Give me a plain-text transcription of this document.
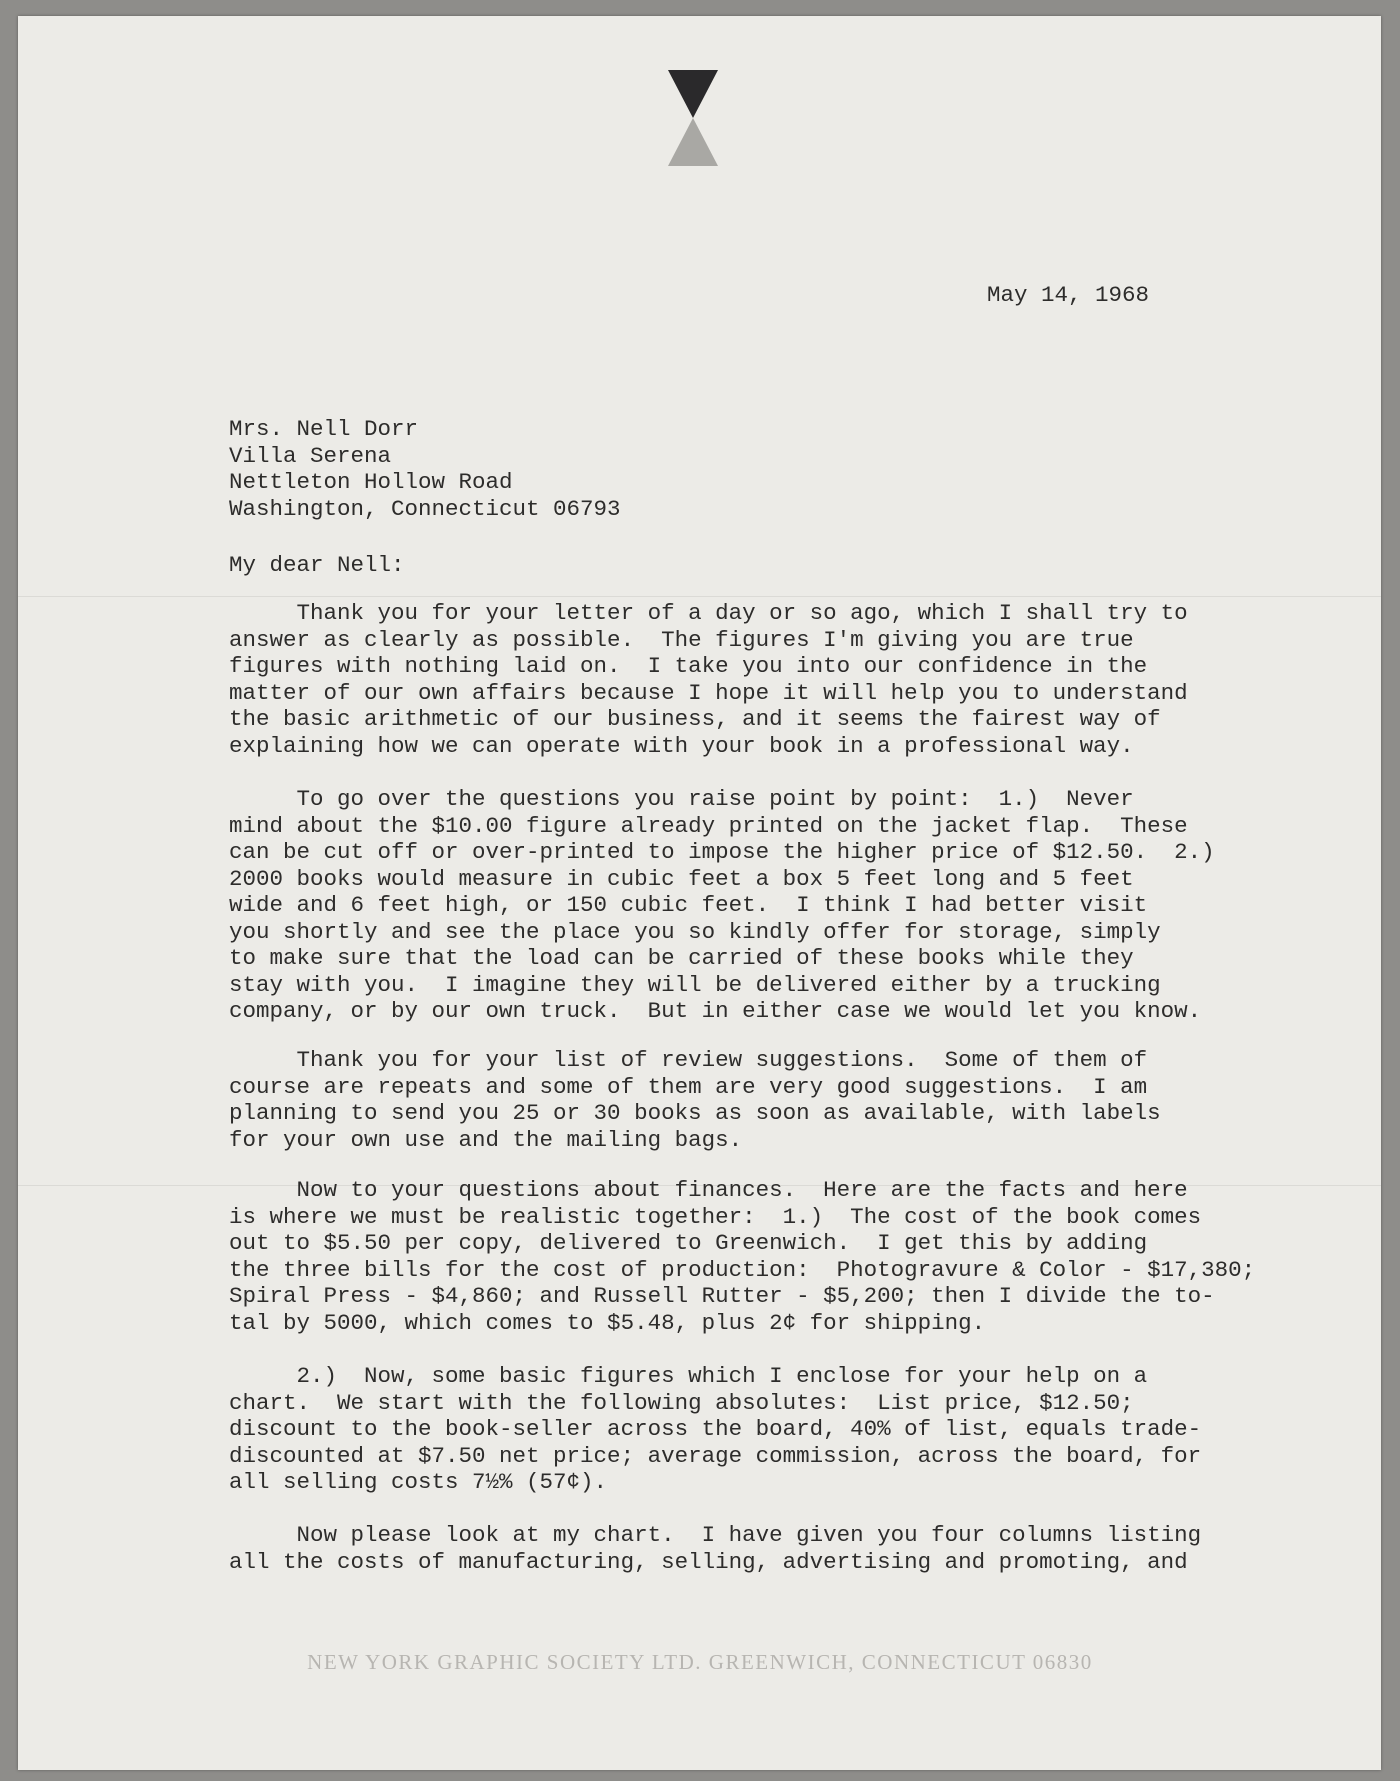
May 14, 1968

Mrs. Nell Dorr
Villa Serena
Nettleton Hollow Road
Washington, Connecticut 06793

My dear Nell:

Thank you for your letter of a day or so ago, which I shall try to
answer as clearly as possible.  The figures I'm giving you are true
figures with nothing laid on.  I take you into our confidence in the
matter of our own affairs because I hope it will help you to understand
the basic arithmetic of our business, and it seems the fairest way of
explaining how we can operate with your book in a professional way.

To go over the questions you raise point by point:  1.)  Never
mind about the $10.00 figure already printed on the jacket flap.  These
can be cut off or over-printed to impose the higher price of $12.50.  2.)
2000 books would measure in cubic feet a box 5 feet long and 5 feet
wide and 6 feet high, or 150 cubic feet.  I think I had better visit
you shortly and see the place you so kindly offer for storage, simply
to make sure that the load can be carried of these books while they
stay with you.  I imagine they will be delivered either by a trucking
company, or by our own truck.  But in either case we would let you know.

Thank you for your list of review suggestions.  Some of them of
course are repeats and some of them are very good suggestions.  I am
planning to send you 25 or 30 books as soon as available, with labels
for your own use and the mailing bags.

Now to your questions about finances.  Here are the facts and here
is where we must be realistic together:  1.)  The cost of the book comes
out to $5.50 per copy, delivered to Greenwich.  I get this by adding
the three bills for the cost of production:  Photogravure & Color - $17,380;
Spiral Press - $4,860; and Russell Rutter - $5,200; then I divide the to-
tal by 5000, which comes to $5.48, plus 2¢ for shipping.

2.)  Now, some basic figures which I enclose for your help on a
chart.  We start with the following absolutes:  List price, $12.50;
discount to the book-seller across the board, 40% of list, equals trade-
discounted at $7.50 net price; average commission, across the board, for
all selling costs 7½% (57¢).

Now please look at my chart.  I have given you four columns listing
all the costs of manufacturing, selling, advertising and promoting, and

NEW YORK GRAPHIC SOCIETY LTD. GREENWICH, CONNECTICUT 06830
